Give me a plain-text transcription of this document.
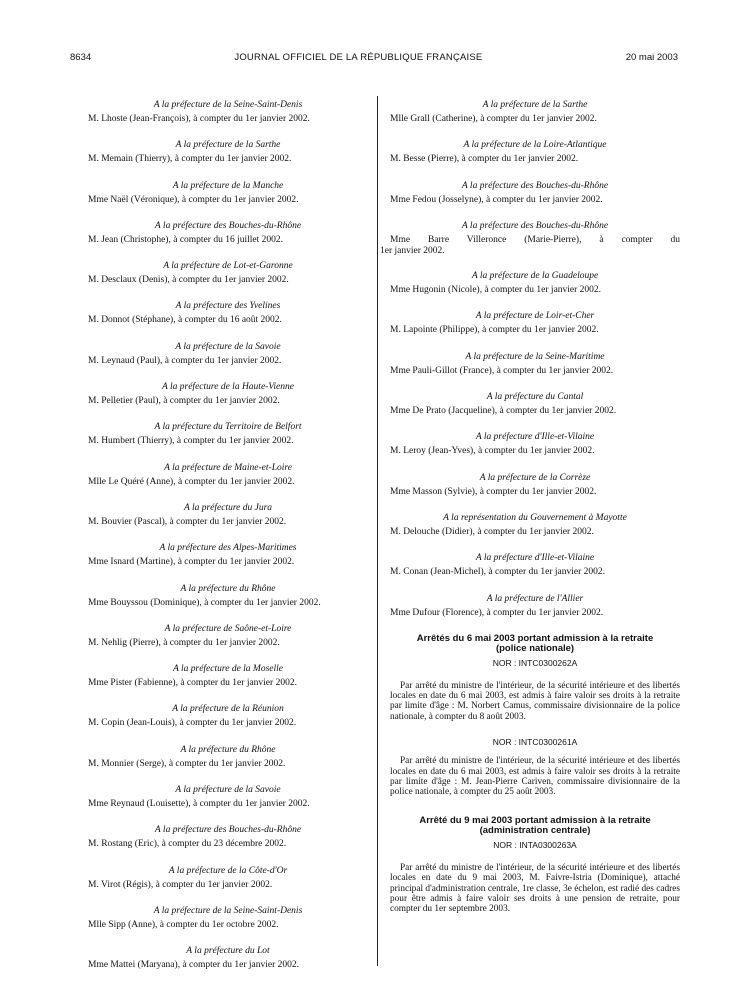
8634	JOURNAL OFFICIEL DE LA RÉPUBLIQUE FRANÇAISE	20 mai 2003
A la préfecture de la Seine-Saint-Denis
M. Lhoste (Jean-François), à compter du 1er janvier 2002.
A la préfecture de la Sarthe
M. Memain (Thierry), à compter du 1er janvier 2002.
A la préfecture de la Manche
Mme Naël (Véronique), à compter du 1er janvier 2002.
A la préfecture des Bouches-du-Rhône
M. Jean (Christophe), à compter du 16 juillet 2002.
A la préfecture de Lot-et-Garonne
M. Desclaux (Denis), à compter du 1er janvier 2002.
A la préfecture des Yvelines
M. Donnot (Stéphane), à compter du 16 août 2002.
A la préfecture de la Savoie
M. Leynaud (Paul), à compter du 1er janvier 2002.
A la préfecture de la Haute-Vienne
M. Pelletier (Paul), à compter du 1er janvier 2002.
A la préfecture du Territoire de Belfort
M. Humbert (Thierry), à compter du 1er janvier 2002.
A la préfecture de Maine-et-Loire
Mlle Le Quéré (Anne), à compter du 1er janvier 2002.
A la préfecture du Jura
M. Bouvier (Pascal), à compter du 1er janvier 2002.
A la préfecture des Alpes-Maritimes
Mme Isnard (Martine), à compter du 1er janvier 2002.
A la préfecture du Rhône
Mme Bouyssou (Dominique), à compter du 1er janvier 2002.
A la préfecture de Saône-et-Loire
M. Nehlig (Pierre), à compter du 1er janvier 2002.
A la préfecture de la Moselle
Mme Pister (Fabienne), à compter du 1er janvier 2002.
A la préfecture de la Réunion
M. Copin (Jean-Louis), à compter du 1er janvier 2002.
A la préfecture du Rhône
M. Monnier (Serge), à compter du 1er janvier 2002.
A la préfecture de la Savoie
Mme Reynaud (Louisette), à compter du 1er janvier 2002.
A la préfecture des Bouches-du-Rhône
M. Rostang (Eric), à compter du 23 décembre 2002.
A la préfecture de la Côte-d'Or
M. Virot (Régis), à compter du 1er janvier 2002.
A la préfecture de la Seine-Saint-Denis
Mlle Sipp (Anne), à compter du 1er octobre 2002.
A la préfecture du Lot
Mme Mattei (Maryana), à compter du 1er janvier 2002.
A la préfecture de la Sarthe
Mlle Grall (Catherine), à compter du 1er janvier 2002.
A la préfecture de la Loire-Atlantique
M. Besse (Pierre), à compter du 1er janvier 2002.
A la préfecture des Bouches-du-Rhône
Mme Fedou (Josselyne), à compter du 1er janvier 2002.
A la préfecture des Bouches-du-Rhône
Mme Barre Villeronce (Marie-Pierre), à compter du
1er janvier 2002.
A la préfecture de la Guadeloupe
Mme Hugonin (Nicole), à compter du 1er janvier 2002.
A la préfecture de Loir-et-Cher
M. Lapointe (Philippe), à compter du 1er janvier 2002.
A la préfecture de la Seine-Maritime
Mme Pauli-Gillot (France), à compter du 1er janvier 2002.
A la préfecture du Cantal
Mme De Prato (Jacqueline), à compter du 1er janvier 2002.
A la préfecture d'Ille-et-Vilaine
M. Leroy (Jean-Yves), à compter du 1er janvier 2002.
A la préfecture de la Corrèze
Mme Masson (Sylvie), à compter du 1er janvier 2002.
A la représentation du Gouvernement à Mayotte
M. Delouche (Didier), à compter du 1er janvier 2002.
A la préfecture d'Ille-et-Vilaine
M. Conan (Jean-Michel), à compter du 1er janvier 2002.
A la préfecture de l'Allier
Mme Dufour (Florence), à compter du 1er janvier 2002.
Arrêtés du 6 mai 2003 portant admission à la retraite
(police nationale)
NOR : INTC0300262A
Par arrêté du ministre de l'intérieur, de la sécurité intérieure et des libertés locales en date du 6 mai 2003, est admis à faire valoir ses droits à la retraite par limite d'âge : M. Norbert Camus, commissaire divisionnaire de la police nationale, à compter du 8 août 2003.
NOR : INTC0300261A
Par arrêté du ministre de l'intérieur, de la sécurité intérieure et des libertés locales en date du 6 mai 2003, est admis à faire valoir ses droits à la retraite par limite d'âge : M. Jean-Pierre Cariven, commissaire divisionnaire de la police nationale, à compter du 25 août 2003.
Arrêté du 9 mai 2003 portant admission à la retraite
(administration centrale)
NOR : INTA0300263A
Par arrêté du ministre de l'intérieur, de la sécurité intérieure et des libertés locales en date du 9 mai 2003, M. Faivre-Istria (Dominique), attaché principal d'administration centrale, 1re classe, 3e échelon, est radié des cadres pour être admis à faire valoir ses droits à une pension de retraite, pour compter du 1er septembre 2003.
